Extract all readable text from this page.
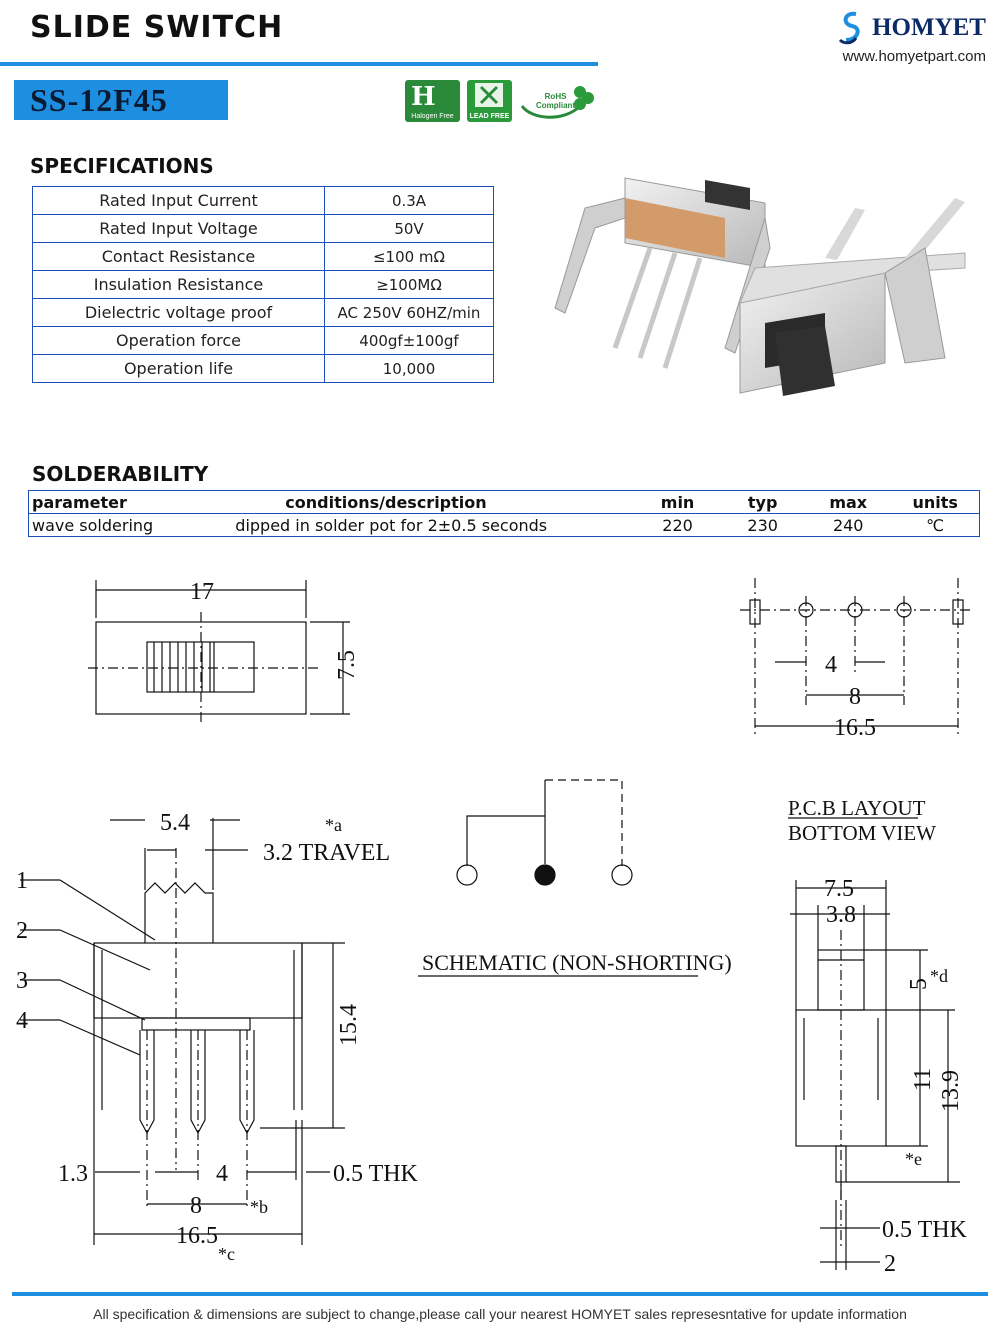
SLIDE SWITCH	HOMYET
www.homyetpart.com
SS-12F45	H
Halogen Free	LEAD FREE
RoHS
Compliant
SPECIFICATIONS
Rated Input Current	0.3A
Rated Input Voltage	50V
Contact Resistance	≤100 mΩ
Insulation Resistance	≥100MΩ
Dielectric voltage proof	AC 250V 60HZ/min
Operation force	400gf±100gf
Operation life	10,000
SOLDERABILITY
parameter	conditions/description	min	typ	max	units
wave soldering	dipped in solder pot for 2±0.5 seconds	220	230	240	℃
17
7.5	4
8
16.5
5.4	*a
3.2 TRAVEL
1
2
3
4	15.4
1.3	4	0.5 THK
8	*b
16.5
*c
SCHEMATIC (NON-SHORTING)
P.C.B LAYOUT
BOTTOM VIEW
7.5
3.8
5
*d
11 13.9
*e
0.5 THK
2
All specification & dimensions are subject to change,please call your nearest HOMYET sales represesntative for update information
